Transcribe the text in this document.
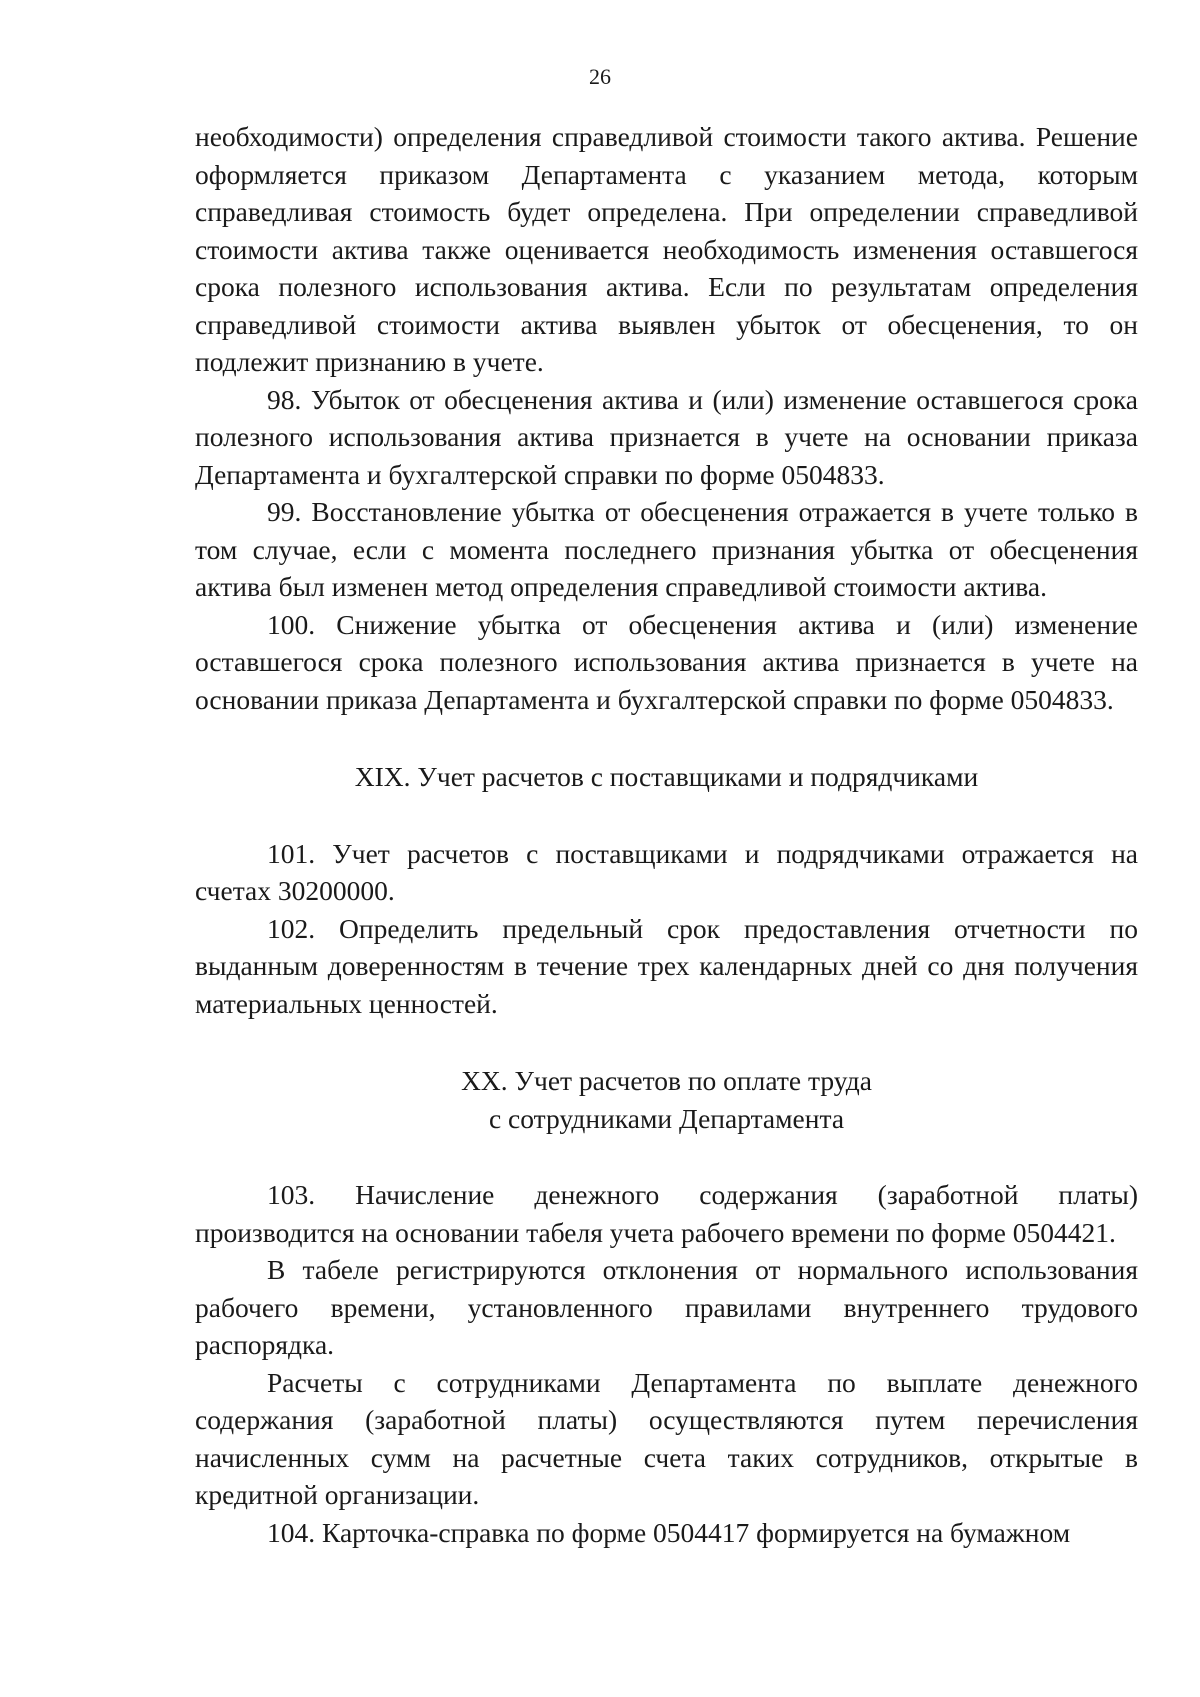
26

необходимости) определения справедливой стоимости такого актива. Решение оформляется приказом Департамента с указанием метода, которым справедливая стоимость будет определена. При определении справедливой стоимости актива также оценивается необходимость изменения оставшегося срока полезного использования актива. Если по результатам определения справедливой стоимости актива выявлен убыток от обесценения, то он подлежит признанию в учете.

98. Убыток от обесценения актива и (или) изменение оставшегося срока полезного использования актива признается в учете на основании приказа Департамента и бухгалтерской справки по форме 0504833.

99. Восстановление убытка от обесценения отражается в учете только в том случае, если с момента последнего признания убытка от обесценения актива был изменен метод определения справедливой стоимости актива.

100. Снижение убытка от обесценения актива и (или) изменение оставшегося срока полезного использования актива признается в учете на основании приказа Департамента и бухгалтерской справки по форме 0504833.

XIX. Учет расчетов с поставщиками и подрядчиками

101. Учет расчетов с поставщиками и подрядчиками отражается на счетах 30200000.

102. Определить предельный срок предоставления отчетности по выданным доверенностям в течение трех календарных дней со дня получения материальных ценностей.

XX. Учет расчетов по оплате труда
с сотрудниками Департамента

103. Начисление денежного содержания (заработной платы) производится на основании табеля учета рабочего времени по форме 0504421.

В табеле регистрируются отклонения от нормального использования рабочего времени, установленного правилами внутреннего трудового распорядка.

Расчеты с сотрудниками Департамента по выплате денежного содержания (заработной платы) осуществляются путем перечисления начисленных сумм на расчетные счета таких сотрудников, открытые в кредитной организации.

104. Карточка-справка по форме 0504417 формируется на бумажном
